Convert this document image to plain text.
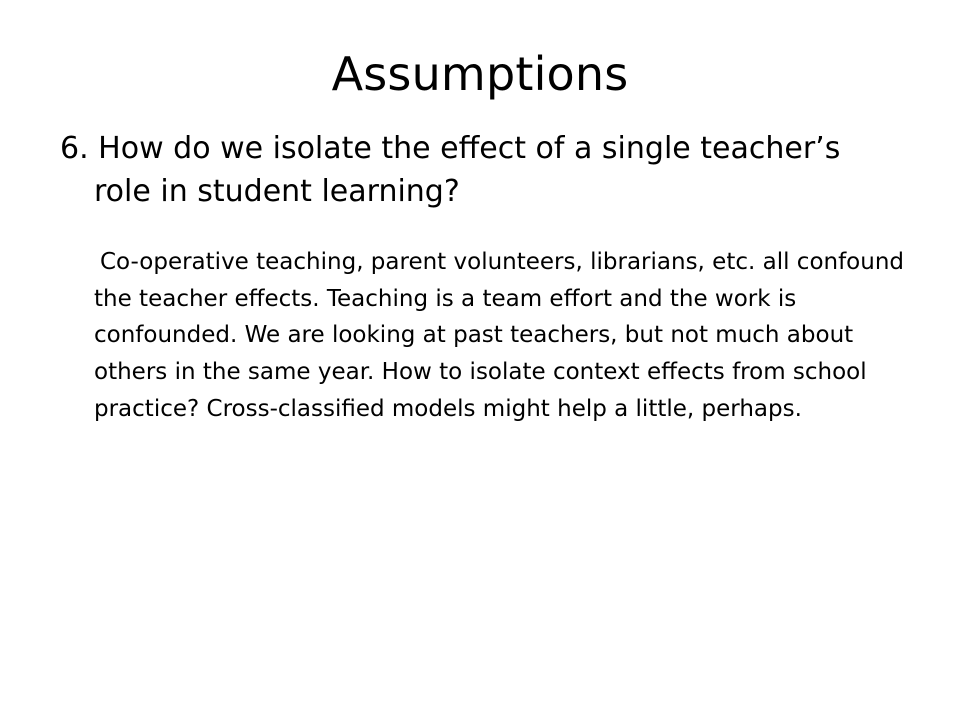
Assumptions

6. How do we isolate the effect of a single teacher’s role in student learning?

Co-operative teaching, parent volunteers, librarians, etc. all confound the teacher effects. Teaching is a team effort and the work is confounded. We are looking at past teachers, but not much about others in the same year. How to isolate context effects from school practice? Cross-classified models might help a little, perhaps.
